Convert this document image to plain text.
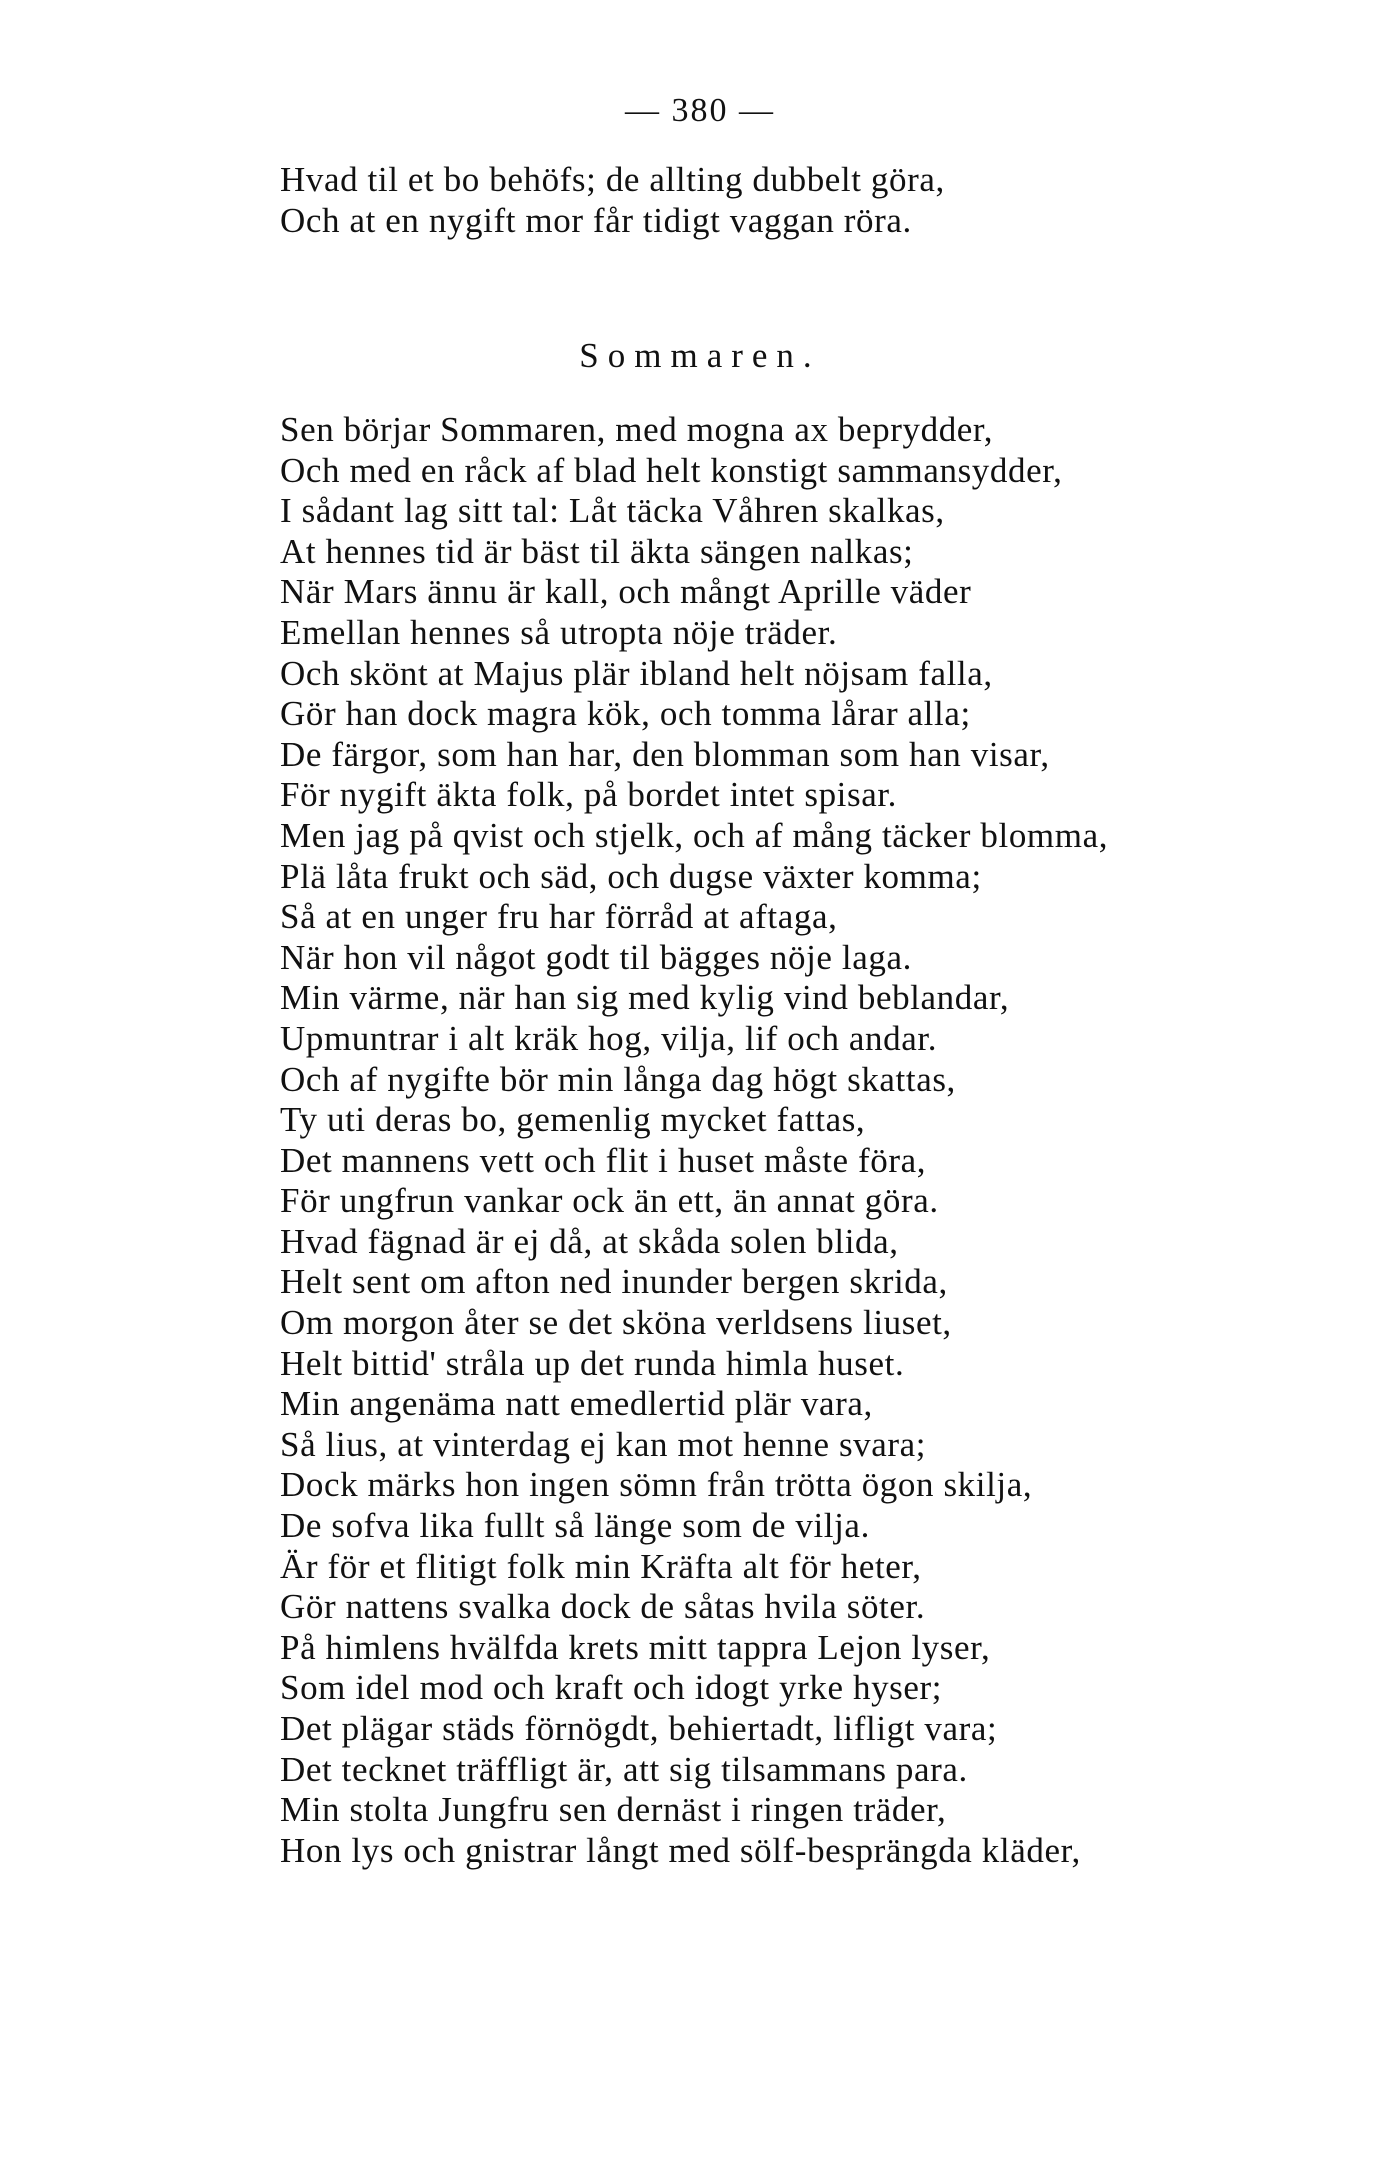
— 380 —
Hvad til et bo behöfs; de allting dubbelt göra,
Och at en nygift mor får tidigt vaggan röra.
Sommaren.
Sen börjar Sommaren, med mogna ax beprydder,
Och med en råck af blad helt konstigt sammansydder,
I sådant lag sitt tal: Låt täcka Våhren skalkas,
At hennes tid är bäst til äkta sängen nalkas;
När Mars ännu är kall, och mångt Aprille väder
Emellan hennes så utropta nöje träder.
Och skönt at Majus plär ibland helt nöjsam falla,
Gör han dock magra kök, och tomma lårar alla;
De färgor, som han har, den blomman som han visar,
För nygift äkta folk, på bordet intet spisar.
Men jag på qvist och stjelk, och af mång täcker blomma,
Plä låta frukt och säd, och dugse växter komma;
Så at en unger fru har förråd at aftaga,
När hon vil något godt til bägges nöje laga.
Min värme, när han sig med kylig vind beblandar,
Upmuntrar i alt kräk hog, vilja, lif och andar.
Och af nygifte bör min långa dag högt skattas,
Ty uti deras bo, gemenlig mycket fattas,
Det mannens vett och flit i huset måste föra,
För ungfrun vankar ock än ett, än annat göra.
Hvad fägnad är ej då, at skåda solen blida,
Helt sent om afton ned inunder bergen skrida,
Om morgon åter se det sköna verldsens liuset,
Helt bittid' stråla up det runda himla huset.
Min angenäma natt emedlertid plär vara,
Så lius, at vinterdag ej kan mot henne svara;
Dock märks hon ingen sömn från trötta ögon skilja,
De sofva lika fullt så länge som de vilja.
Är för et flitigt folk min Kräfta alt för heter,
Gör nattens svalka dock de såtas hvila söter.
På himlens hvälfda krets mitt tappra Lejon lyser,
Som idel mod och kraft och idogt yrke hyser;
Det plägar städs förnögdt, behiertadt, lifligt vara;
Det tecknet träffligt är, att sig tilsammans para.
Min stolta Jungfru sen dernäst i ringen träder,
Hon lys och gnistrar långt med sölf-besprängda kläder,
